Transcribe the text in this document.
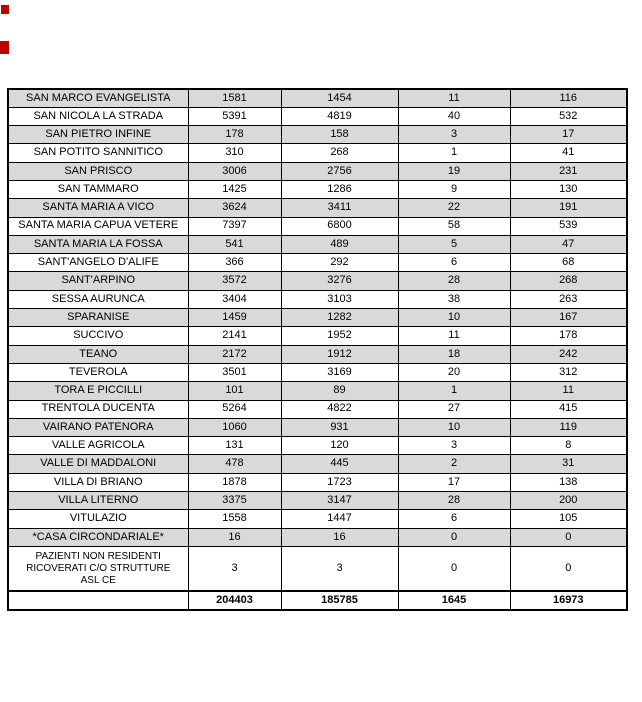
SAN MARCO EVANGELISTA	1581	1454	11	116
SAN NICOLA LA STRADA	5391	4819	40	532
SAN PIETRO INFINE	178	158	3	17
SAN POTITO SANNITICO	310	268	1	41
SAN PRISCO	3006	2756	19	231
SAN TAMMARO	1425	1286	9	130
SANTA MARIA A VICO	3624	3411	22	191
SANTA MARIA CAPUA VETERE	7397	6800	58	539
SANTA MARIA LA FOSSA	541	489	5	47
SANT'ANGELO D'ALIFE	366	292	6	68
SANT'ARPINO	3572	3276	28	268
SESSA AURUNCA	3404	3103	38	263
SPARANISE	1459	1282	10	167
SUCCIVO	2141	1952	11	178
TEANO	2172	1912	18	242
TEVEROLA	3501	3169	20	312
TORA E PICCILLI	101	89	1	11
TRENTOLA DUCENTA	5264	4822	27	415
VAIRANO PATENORA	1060	931	10	119
VALLE AGRICOLA	131	120	3	8
VALLE DI MADDALONI	478	445	2	31
VILLA DI BRIANO	1878	1723	17	138
VILLA LITERNO	3375	3147	28	200
VITULAZIO	1558	1447	6	105
*CASA CIRCONDARIALE*	16	16	0	0
PAZIENTI NON RESIDENTI RICOVERATI C/O STRUTTURE ASL CE	3	3	0	0
	204403	185785	1645	16973
